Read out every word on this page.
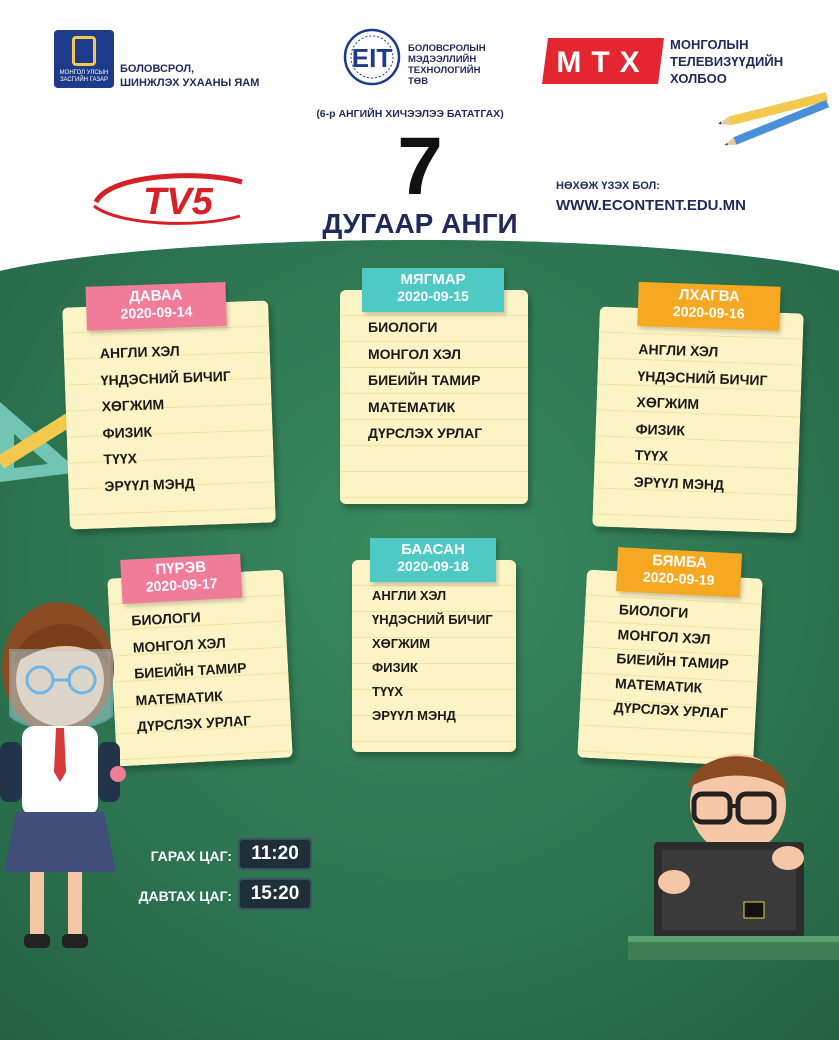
МОНГОЛ УЛСЫН ЗАСГИЙН ГАЗАР
БОЛОВСРОЛ,
ШИНЖЛЭХ УХААНЫ ЯАМ
EIT БОЛОВСРОЛЫН
МЭДЭЭЛЛИЙН
ТЕХНОЛОГИЙН
ТӨВ
МТХ
МОНГОЛЫН
ТЕЛЕВИЗҮҮДИЙН
ХОЛБОО
(6-р АНГИЙН ХИЧЭЭЛЭЭ БАТАТГАХ)
7
ДУГААР АНГИ
TV5	НӨХӨЖ ҮЗЭХ БОЛ:
WWW.ECONTENT.EDU.MN
ДАВАА
2020-09-14
АНГЛИ ХЭЛ
ҮНДЭСНИЙ БИЧИГ
ХӨГЖИМ
ФИЗИК
ТҮҮХ
ЭРҮҮЛ МЭНД
МЯГМАР
2020-09-15
БИОЛОГИ
МОНГОЛ ХЭЛ
БИЕИЙН ТАМИР
МАТЕМАТИК
ДҮРСЛЭХ УРЛАГ
ЛХАГВА
2020-09-16
АНГЛИ ХЭЛ
ҮНДЭСНИЙ БИЧИГ
ХӨГЖИМ
ФИЗИК
ТҮҮХ
ЭРҮҮЛ МЭНД
ПҮРЭВ
2020-09-17
БИОЛОГИ
МОНГОЛ ХЭЛ
БИЕИЙН ТАМИР
МАТЕМАТИК
ДҮРСЛЭХ УРЛАГ
БААСАН
2020-09-18
АНГЛИ ХЭЛ
ҮНДЭСНИЙ БИЧИГ
ХӨГЖИМ
ФИЗИК
ТҮҮХ
ЭРҮҮЛ МЭНД
БЯМБА
2020-09-19
БИОЛОГИ
МОНГОЛ ХЭЛ
БИЕИЙН ТАМИР
МАТЕМАТИК
ДҮРСЛЭХ УРЛАГ
ГАРАХ ЦАГ:	11:20
ДАВТАХ ЦАГ: 15:20
